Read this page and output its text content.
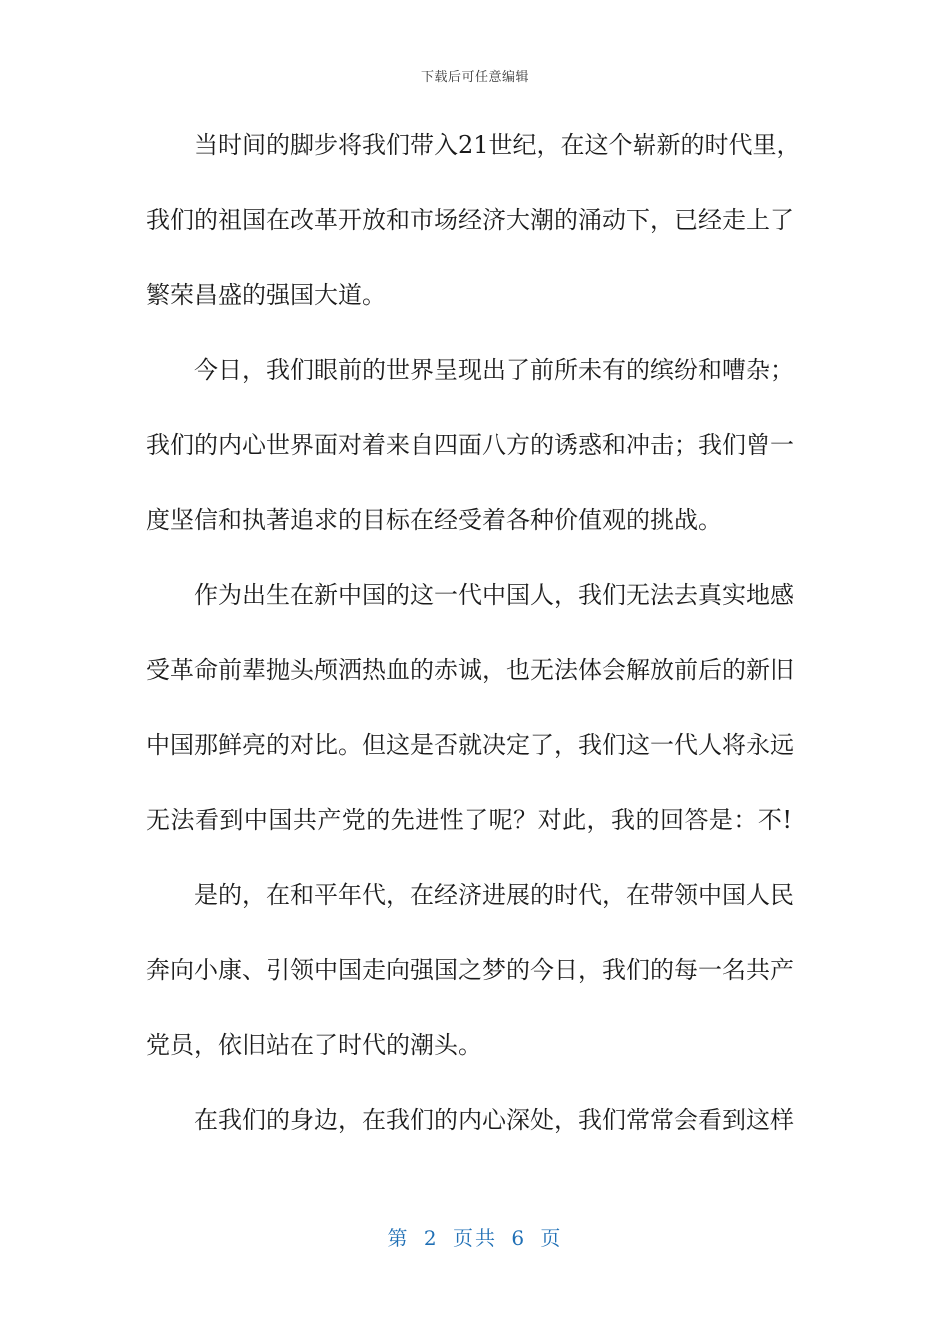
下载后可任意编辑
当时间的脚步将我们带入21世纪，在这个崭新的时代里，
我们的祖国在改革开放和市场经济大潮的涌动下，已经走上了
繁荣昌盛的强国大道。
今日，我们眼前的世界呈现出了前所未有的缤纷和嘈杂；
我们的内心世界面对着来自四面八方的诱惑和冲击；我们曾一
度坚信和执著追求的目标在经受着各种价值观的挑战。
作为出生在新中国的这一代中国人，我们无法去真实地感
受革命前辈抛头颅洒热血的赤诚，也无法体会解放前后的新旧
中国那鲜亮的对比。但这是否就决定了，我们这一代人将永远
无法看到中国共产党的先进性了呢？对此，我的回答是：不!
是的，在和平年代，在经济进展的时代，在带领中国人民
奔向小康、引领中国走向强国之梦的今日，我们的每一名共产
党员，依旧站在了时代的潮头。
在我们的身边，在我们的内心深处，我们常常会看到这样
第 2 页共 6 页
